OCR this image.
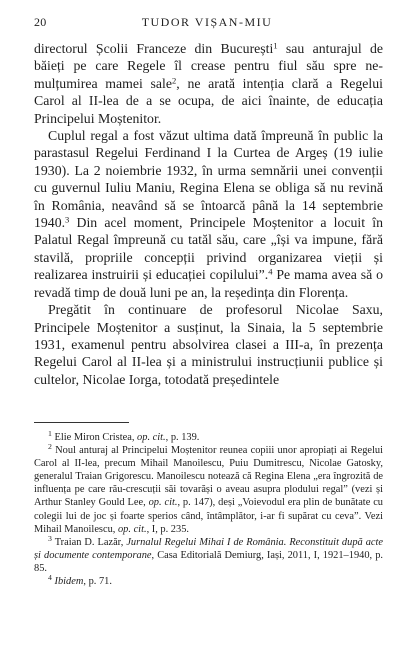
20	TUDOR VIȘAN-MIU

directorul Școlii Franceze din București$^1$ sau anturajul de băieți pe care Regele îl crease pentru fiul său spre nemulțumirea mamei sale$^2$, ne arată intenția clară a Regelui Carol al II-lea de a se ocupa, de aici înainte, de educația Principelui Moștenitor.

Cuplul regal a fost văzut ultima dată împreună în public la parastasul Regelui Ferdinand I la Curtea de Argeș (19 iulie 1930). La 2 noiembrie 1932, în urma semnării unei convenții cu guvernul Iuliu Maniu, Regina Elena se obliga să nu revină în România, neavând să se întoarcă până la 14 septembrie 1940.$^3$ Din acel moment, Principele Moștenitor a locuit în Palatul Regal împreună cu tatăl său, care „își va impune, fără stavilă, propriile concepții privind organizarea vieții și realizarea instruirii și educației copilului”.$^4$ Pe mama avea să o revadă timp de două luni pe an, la reședința din Florența.

Pregătit în continuare de profesorul Nicolae Saxu, Principele Moștenitor a susținut, la Sinaia, la 5 septembrie 1931, examenul pentru absolvirea clasei a III-a, în prezența Regelui Carol al II-lea și a ministrului instrucțiunii publice și cultelor, Nicolae Iorga, totodată președintele

$^1$ Elie Miron Cristea, op. cit., p. 139.

$^2$ Noul anturaj al Principelui Moștenitor reunea copiii unor apropiați ai Regelui Carol al II-lea, precum Mihail Manoilescu, Puiu Dumitrescu, Nicolae Gatosky, generalul Traian Grigorescu. Manoilescu notează că Regina Elena „era îngrozită de influența pe care rău-crescuții săi tovarăși o aveau asupra plodului regal” (vezi și Arthur Stanley Gould Lee, op. cit., p. 147), deși „Voievodul era plin de bunătate cu colegii lui de joc și foarte sperios când, întâmplător, i-ar fi supărat cu ceva”. Vezi Mihail Manoilescu, op. cit., I, p. 235.

$^3$ Traian D. Lazăr, Jurnalul Regelui Mihai I de România. Reconstituit după acte și documente contemporane, Casa Editorială Demiurg, Iași, 2011, I, 1921–1940, p. 85.

$^4$ Ibidem, p. 71.
